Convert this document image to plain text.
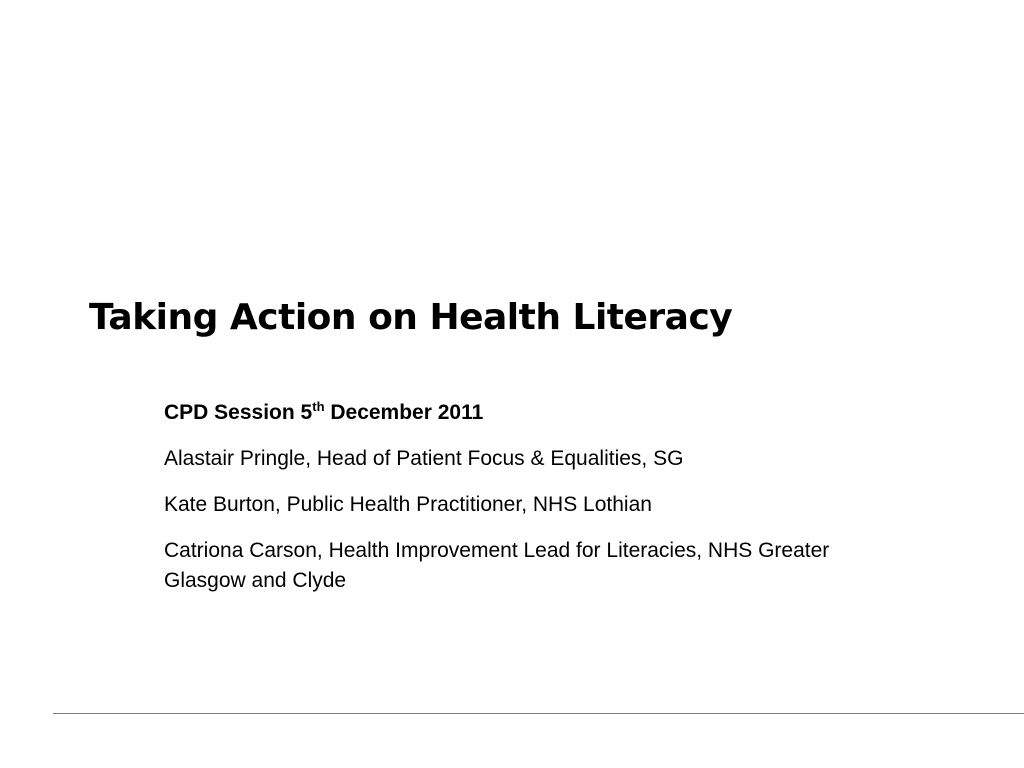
Taking Action on Health Literacy

CPD Session 5th December 2011

Alastair Pringle, Head of Patient Focus & Equalities, SG

Kate Burton, Public Health Practitioner, NHS Lothian

Catriona Carson, Health Improvement Lead for Literacies, NHS Greater Glasgow and Clyde
